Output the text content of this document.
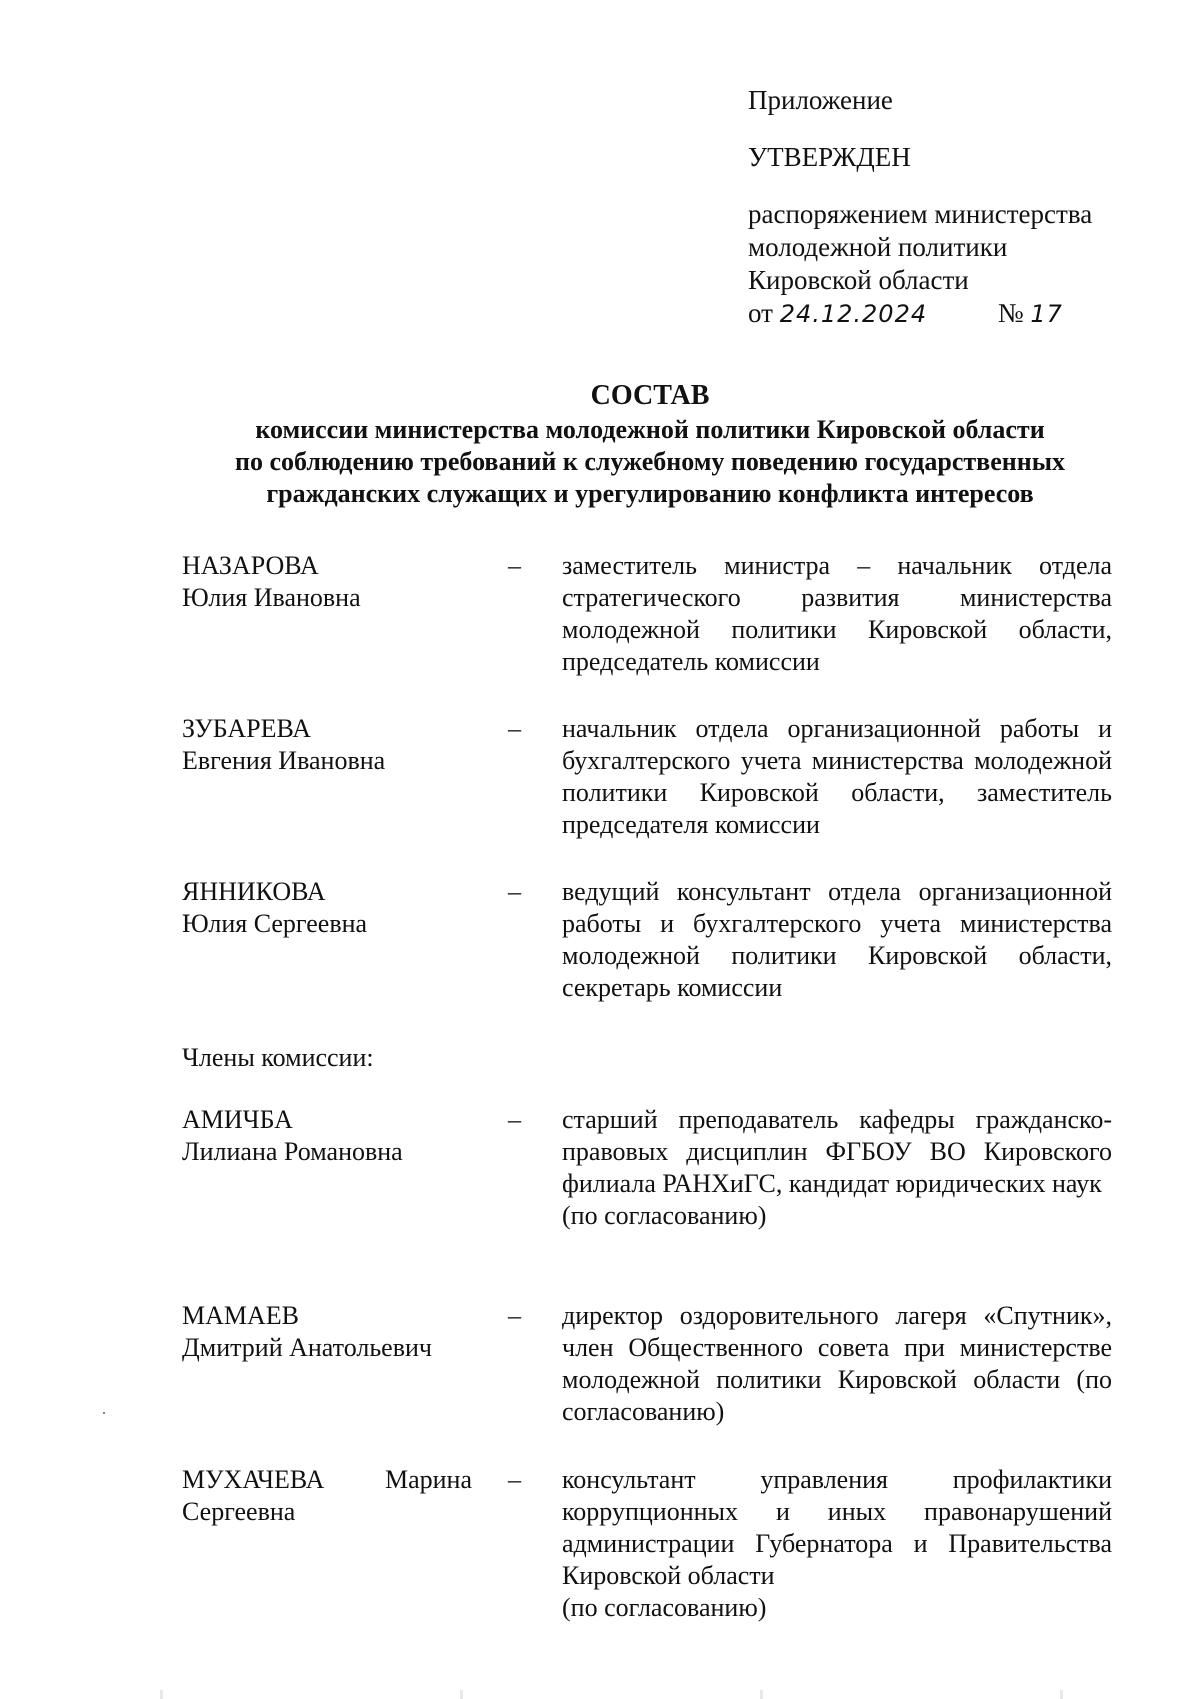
Приложение
УТВЕРЖДЕН
распоряжением министерства
молодежной политики
Кировской области
от 24.12.2024	№ 17
СОСТАВ
комиссии министерства молодежной политики Кировской области
по соблюдению требований к служебному поведению государственных
гражданских служащих и урегулированию конфликта интересов
НАЗАРОВА
Юлия Ивановна
– заместитель министра – начальник отдела стратегического развития министерства молодежной политики Кировской области, председатель комиссии
ЗУБАРЕВА
Евгения Ивановна
– начальник отдела организационной работы и бухгалтерского учета министерства молодежной политики Кировской области, заместитель председателя комиссии
ЯННИКОВА
Юлия Сергеевна
– ведущий консультант отдела организационной работы и бухгалтерского учета министерства молодежной политики Кировской области, секретарь комиссии
Члены комиссии:
АМИЧБА
Лилиана Романовна
– старший преподаватель кафедры гражданско-правовых дисциплин ФГБОУ ВО Кировского филиала РАНХиГС, кандидат юридических наук
(по согласованию)
МАМАЕВ
Дмитрий Анатольевич
– директор оздоровительного лагеря «Спутник», член Общественного совета при министерстве молодежной политики Кировской области (по согласованию)
МУХАЧЕВА Марина
Сергеевна
– консультант управления профилактики коррупционных и иных правонарушений администрации Губернатора и Правительства Кировской области
(по согласованию)
